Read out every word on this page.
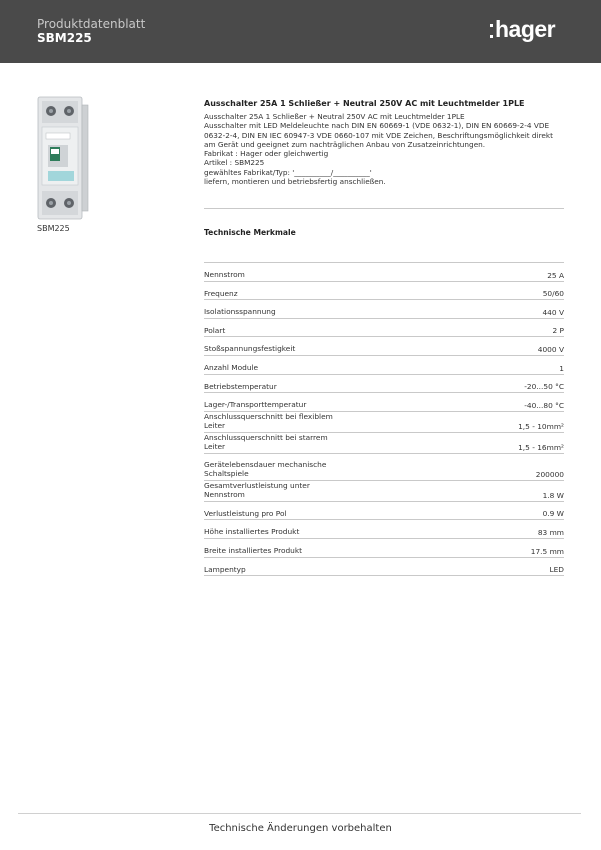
Produktdatenblatt
SBM225	hager
SBM225
Ausschalter 25A 1 Schließer + Neutral 250V AC mit Leuchtmelder 1PLE
Ausschalter 25A 1 Schließer + Neutral 250V AC mit Leuchtmelder 1PLE
Ausschalter mit LED Meldeleuchte nach DIN EN 60669-1 (VDE 0632-1), DIN EN 60669-2-4 VDE
0632-2-4, DIN EN IEC 60947-3 VDE 0660-107 mit VDE Zeichen, Beschriftungsmöglichkeit direkt
am Gerät und geeignet zum nachträglichen Anbau von Zusatzeinrichtungen.
Fabrikat : Hager oder gleichwertig
Artikel : SBM225
gewähltes Fabrikat/Typ: '__________/__________'
liefern, montieren und betriebsfertig anschließen.
Technische Merkmale
Nennstrom	25 A
Frequenz	50/60
Isolationsspannung	440 V
Polart	2 P
Stoßspannungsfestigkeit	4000 V
Anzahl Module	1
Betriebstemperatur	-20...50 °C
Lager-/Transporttemperatur	-40...80 °C
Anschlussquerschnitt bei flexiblem Leiter	1,5 - 10mm²
Anschlussquerschnitt bei starrem Leiter	1,5 - 16mm²
Gerätelebensdauer mechanische Schaltspiele	200000
Gesamtverlustleistung unter Nennstrom	1.8 W
Verlustleistung pro Pol	0.9 W
Höhe installiertes Produkt	83 mm
Breite installiertes Produkt	17.5 mm
Lampentyp	LED
Technische Änderungen vorbehalten
